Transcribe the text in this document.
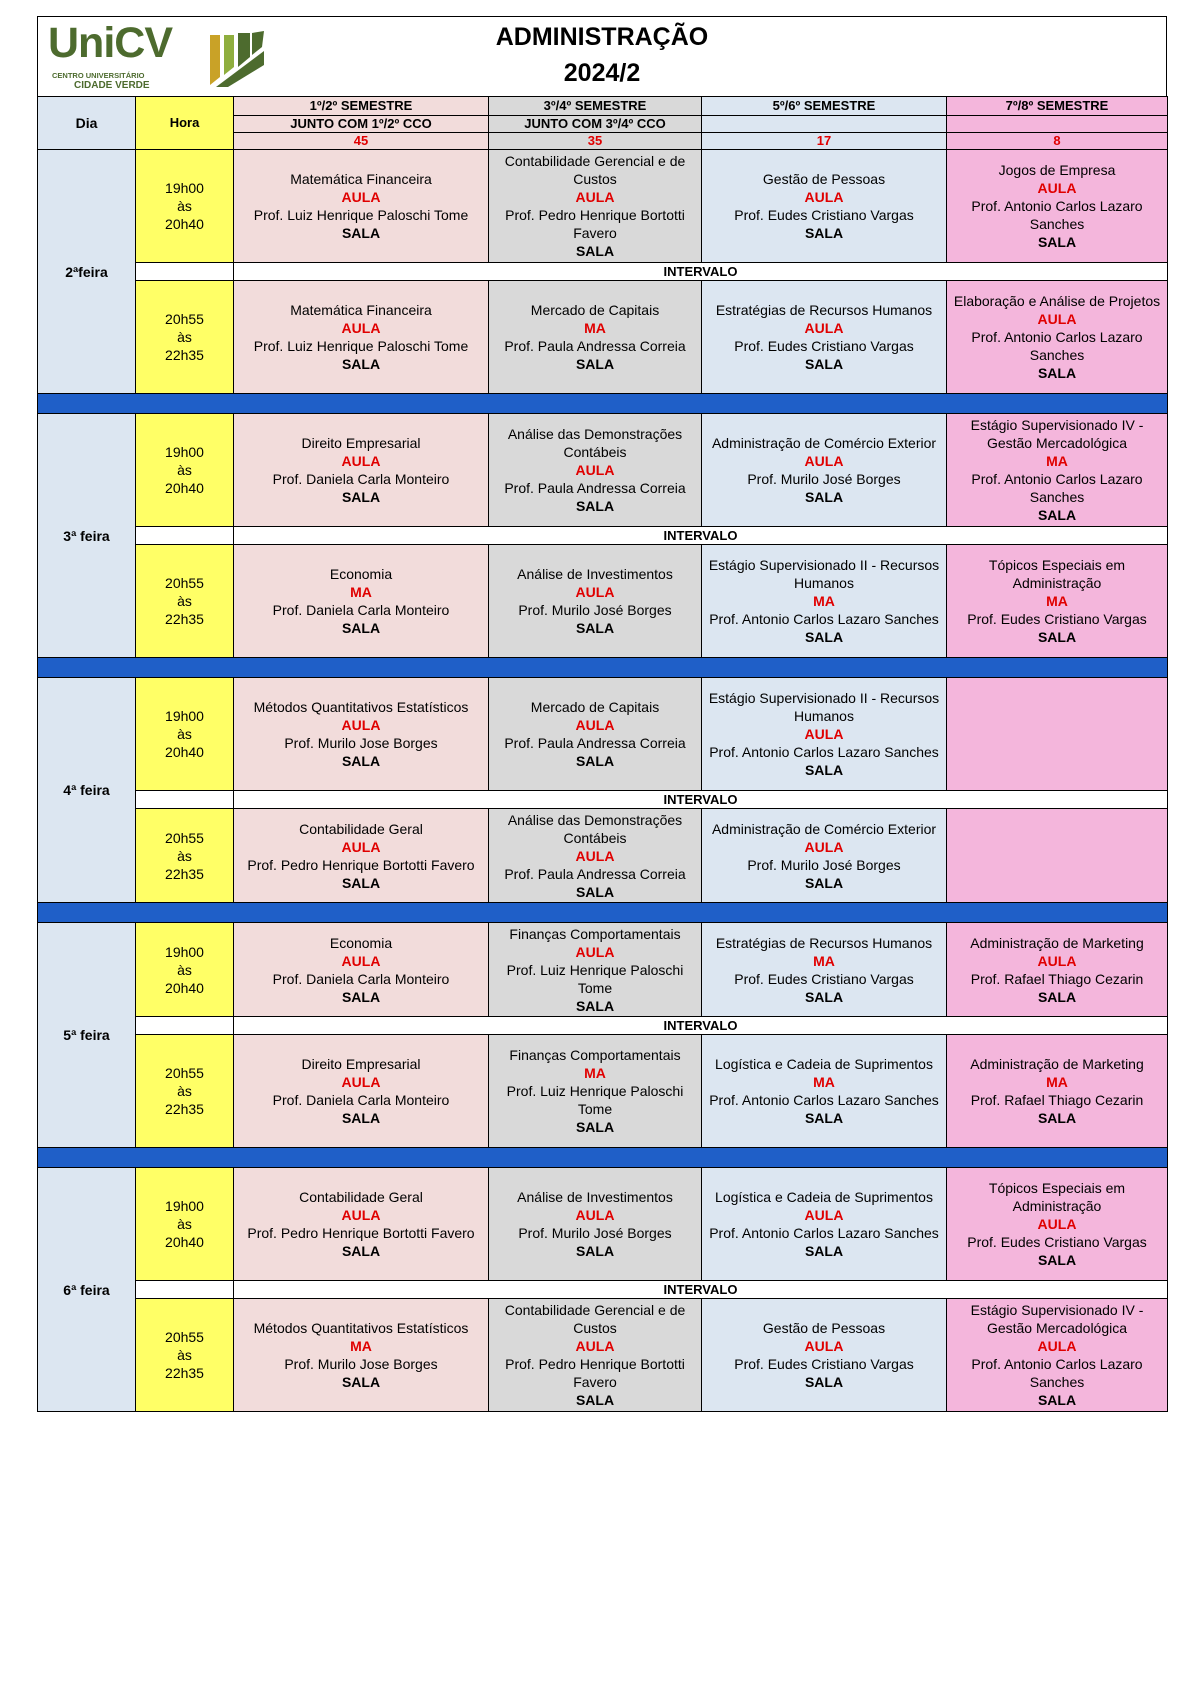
UniCV
CENTRO UNIVERSITÁRIO
CIDADE VERDE
ADMINISTRAÇÃO
2024/2
Dia	Hora	1º/2º SEMESTRE	3º/4º SEMESTRE	5º/6º SEMESTRE	7º/8º SEMESTRE
		JUNTO COM 1º/2º CCO	JUNTO COM 3º/4º CCO		
		45	35	17	8
2ªfeira	19h00
às
20h40	Matemática Financeira
AULA
Prof. Luiz Henrique Paloschi Tome
SALA	Contabilidade Gerencial e de Custos
AULA
Prof. Pedro Henrique Bortotti Favero
SALA	Gestão de Pessoas
AULA
Prof. Eudes Cristiano Vargas
SALA	Jogos de Empresa
AULA
Prof. Antonio Carlos Lazaro Sanches
SALA

		INTERVALO			

	20h55
às
22h35	Matemática Financeira
AULA
Prof. Luiz Henrique Paloschi Tome
SALA	Mercado de Capitais
MA
Prof. Paula Andressa Correia
SALA	Estratégias de Recursos Humanos
AULA
Prof. Eudes Cristiano Vargas
SALA	Elaboração e Análise de Projetos
AULA
Prof. Antonio Carlos Lazaro Sanches
SALA

3ª feira	19h00
às
20h40	Direito Empresarial
AULA
Prof. Daniela Carla Monteiro
SALA	Análise das Demonstrações Contábeis
AULA
Prof. Paula Andressa Correia
SALA	Administração de Comércio Exterior
AULA
Prof. Murilo José Borges
SALA	Estágio Supervisionado IV - Gestão Mercadológica
MA
Prof. Antonio Carlos Lazaro Sanches
SALA

		INTERVALO			

	20h55
às
22h35	Economia
MA
Prof. Daniela Carla Monteiro
SALA	Análise de Investimentos
AULA
Prof. Murilo José Borges
SALA	Estágio Supervisionado II - Recursos Humanos
MA
Prof. Antonio Carlos Lazaro Sanches
SALA	Tópicos Especiais em Administração
MA
Prof. Eudes Cristiano Vargas
SALA

4ª feira	19h00
às
20h40	Métodos Quantitativos Estatísticos
AULA
Prof. Murilo Jose Borges
SALA	Mercado de Capitais
AULA
Prof. Paula Andressa Correia
SALA	Estágio Supervisionado II - Recursos Humanos
AULA
Prof. Antonio Carlos Lazaro Sanches
SALA	

		INTERVALO			

	20h55
às
22h35	Contabilidade Geral
AULA
Prof. Pedro Henrique Bortotti Favero
SALA	Análise das Demonstrações Contábeis
AULA
Prof. Paula Andressa Correia
SALA	Administração de Comércio Exterior
AULA
Prof. Murilo José Borges
SALA	

5ª feira	19h00
às
20h40	Economia
AULA
Prof. Daniela Carla Monteiro
SALA	Finanças Comportamentais
AULA
Prof. Luiz Henrique Paloschi Tome
SALA	Estratégias de Recursos Humanos
MA
Prof. Eudes Cristiano Vargas
SALA	Administração de Marketing
AULA
Prof. Rafael Thiago Cezarin
SALA

		INTERVALO			

	20h55
às
22h35	Direito Empresarial
AULA
Prof. Daniela Carla Monteiro
SALA	Finanças Comportamentais
MA
Prof. Luiz Henrique Paloschi Tome
SALA	Logística e Cadeia de Suprimentos
MA
Prof. Antonio Carlos Lazaro Sanches
SALA	Administração de Marketing
MA
Prof. Rafael Thiago Cezarin
SALA

6ª feira	19h00
às
20h40	Contabilidade Geral
AULA
Prof. Pedro Henrique Bortotti Favero
SALA	Análise de Investimentos
AULA
Prof. Murilo José Borges
SALA	Logística e Cadeia de Suprimentos
AULA
Prof. Antonio Carlos Lazaro Sanches
SALA	Tópicos Especiais em Administração
AULA
Prof. Eudes Cristiano Vargas
SALA

		INTERVALO			

	20h55
às
22h35	Métodos Quantitativos Estatísticos
MA
Prof. Murilo Jose Borges
SALA	Contabilidade Gerencial e de Custos
AULA
Prof. Pedro Henrique Bortotti Favero
SALA	Gestão de Pessoas
AULA
Prof. Eudes Cristiano Vargas
SALA	Estágio Supervisionado IV - Gestão Mercadológica
AULA
Prof. Antonio Carlos Lazaro Sanches
SALA
